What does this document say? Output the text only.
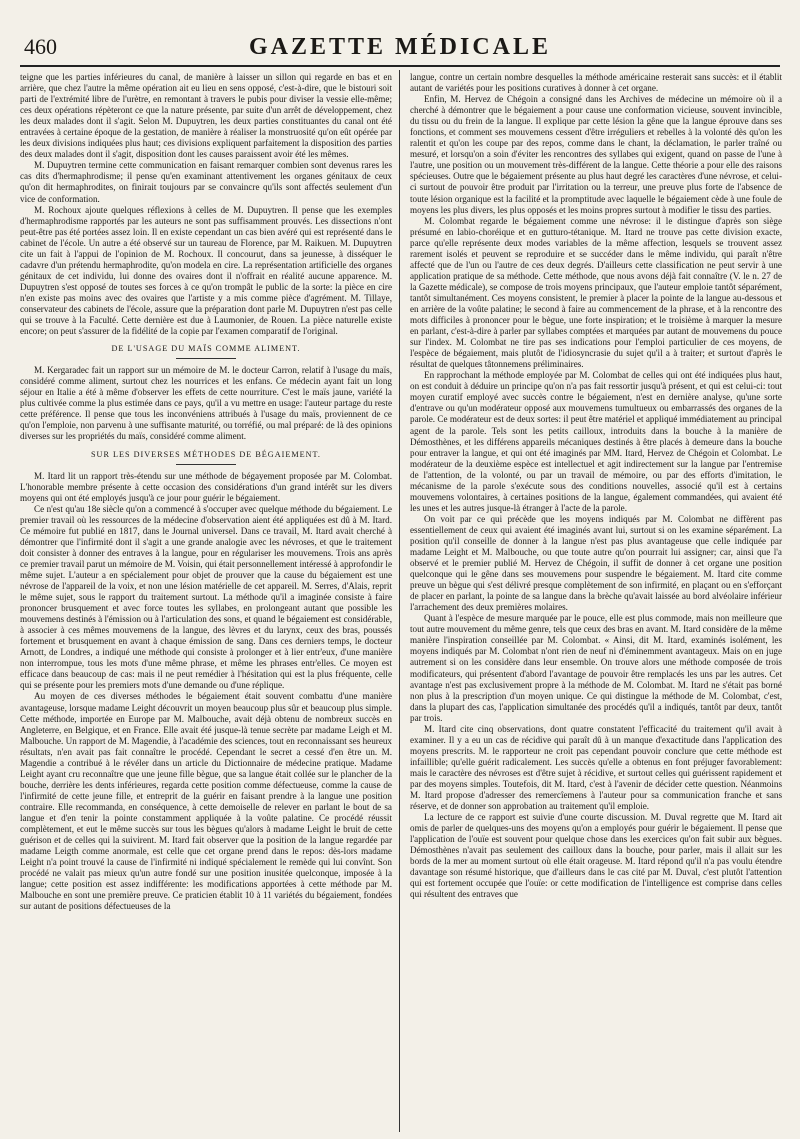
460	GAZETTE MÉDICALE

teigne que les parties inférieures du canal, de manière à laisser un sillon qui regarde en bas et en arrière, que chez l'autre la même opération ait eu lieu en sens opposé, c'est-à-dire, que le bistouri soit parti de l'extrémité libre de l'urètre, en remontant à travers le pubis pour diviser la vessie elle-même; ces deux opérations répèteront ce que la nature présente, par suite d'un arrêt de développement, chez les deux malades dont il s'agit. Selon M. Dupuytren, les deux parties constituantes du canal ont été entravées à certaine époque de la gestation, de manière à réaliser la monstruosité qu'on eût opérée par les deux divisions indiquées plus haut; ces divisions expliquent parfaitement la disposition des parties des deux malades dont il s'agit, disposition dont les causes paraissent avoir été les mêmes.

M. Dupuytren termine cette communication en faisant remarquer combien sont devenus rares les cas dits d'hermaphrodisme; il pense qu'en examinant attentivement les organes génitaux de ceux qu'on dit hermaphrodites, on finirait toujours par se convaincre qu'ils sont affectés seulement d'un vice de conformation.

M. Rochoux ajoute quelques réflexions à celles de M. Dupuytren. Il pense que les exemples d'hermaphrodisme rapportés par les auteurs ne sont pas suffisamment prouvés. Les dissections n'ont peut-être pas été portées assez loin. Il en existe cependant un cas bien avéré qui est représenté dans le cabinet de l'école. Un autre a été observé sur un taureau de Florence, par M. Raikuen. M. Dupuytren cite un fait à l'appui de l'opinion de M. Rochoux. Il concourut, dans sa jeunesse, à disséquer le cadavre d'un prétendu hermaphrodite, qu'on modela en cire. La représentation artificielle des organes génitaux de cet individu, lui donne des ovaires dont il n'offrait en réalité aucune apparence. M. Dupuytren s'est opposé de toutes ses forces à ce qu'on trompât le public de la sorte: la pièce en cire n'en existe pas moins avec des ovaires que l'artiste y a mis comme pièce d'agrément. M. Tillaye, conservateur des cabinets de l'école, assure que la préparation dont parle M. Dupuytren n'est pas celle qui se trouve à la Faculté. Cette dernière est due à Laumonier, de Rouen. La pièce naturelle existe encore; on peut s'assurer de la fidélité de la copie par l'examen comparatif de l'original.

DE L'USAGE DU MAÏS COMME ALIMENT.

M. Kergaradec fait un rapport sur un mémoire de M. le docteur Carron, relatif à l'usage du maïs, considéré comme aliment, surtout chez les nourrices et les enfans. Ce médecin ayant fait un long séjour en Italie a été à même d'observer les effets de cette nourriture. C'est le maïs jaune, variété la plus cultivée comme la plus estimée dans ce pays, qu'il a vu mettre en usage: l'auteur partage du reste cette préférence. Il pense que tous les inconvéniens attribués à l'usage du maïs, proviennent de ce qu'on l'emploie, non parvenu à une suffisante maturité, ou torréfié, ou mal préparé: de là des opinions diverses sur les propriétés du maïs, considéré comme aliment.

SUR LES DIVERSES MÉTHODES DE BÉGAIEMENT.

M. Itard lit un rapport très-étendu sur une méthode de bégayement proposée par M. Colombat. L'honorable membre présente à cette occasion des considérations d'un grand intérêt sur les divers moyens qui ont été employés jusqu'à ce jour pour guérir le bégaiement.

Ce n'est qu'au 18e siècle qu'on a commencé à s'occuper avec quelque méthode du bégaiement. Le premier travail où les ressources de la médecine d'observation aient été appliquées est dû à M. Itard. Ce mémoire fut publié en 1817, dans le Journal universel. Dans ce travail, M. Itard avait cherché à démontrer que l'infirmité dont il s'agit a une grande analogie avec les névroses, et que le traitement doit consister à donner des entraves à la langue, pour en régulariser les mouvemens. Trois ans après ce premier travail parut un mémoire de M. Voisin, qui était personnellement intéressé à approfondir le même sujet. L'auteur a en spécialement pour objet de prouver que la cause du bégaiement est une névrose de l'appareil de la voix, et non une lésion matérielle de cet appareil. M. Serres, d'Alais, reprit le même sujet, sous le rapport du traitement surtout. La méthode qu'il a imaginée consiste à faire prononcer brusquement et avec force toutes les syllabes, en prolongeant autant que possible les mouvemens destinés à l'émission ou à l'articulation des sons, et quand le bégaiement est considérable, à associer à ces mêmes mouvemens de la langue, des lèvres et du larynx, ceux des bras, poussés fortement et brusquement en avant à chaque émission de sang. Dans ces derniers temps, le docteur Arnott, de Londres, a indiqué une méthode qui consiste à prolonger et à lier entr'eux, d'une manière non interrompue, tous les mots d'une même phrase, et même les phrases entr'elles. Ce moyen est efficace dans beaucoup de cas: mais il ne peut remédier à l'hésitation qui est la plus fréquente, celle qui se présente pour les premiers mots d'une demande ou d'une réplique.

Au moyen de ces diverses méthodes le bégaiement était souvent combattu d'une manière avantageuse, lorsque madame Leight découvrit un moyen beaucoup plus sûr et beaucoup plus simple. Cette méthode, importée en Europe par M. Malbouche, avait déjà obtenu de nombreux succès en Angleterre, en Belgique, et en France. Elle avait été jusque-là tenue secrète par madame Leigh et M. Malbouche. Un rapport de M. Magendie, à l'académie des sciences, tout en reconnaissant ses heureux résultats, n'en avait pas fait connaître le procédé. Cependant le secret a cessé d'en être un. M. Magendie a contribué à le révéler dans un article du Dictionnaire de médecine pratique. Madame Leight ayant cru reconnaître que une jeune fille bègue, que sa langue était collée sur le plancher de la bouche, derrière les dents inférieures, regarda cette position comme défectueuse, comme la cause de l'infirmité de cette jeune fille, et entreprit de la guérir en faisant prendre à la langue une position contraire. Elle recommanda, en conséquence, à cette demoiselle de relever en parlant le bout de sa langue et d'en tenir la pointe constamment appliquée à la voûte palatine. Ce procédé réussit complètement, et eut le même succès sur tous les bègues qu'alors à madame Leight le bruit de cette guérison et de celles qui la suivirent. M. Itard fait observer que la position de la langue regardée par madame Leigth comme anormale, est celle que cet organe prend dans le repos: dès-lors madame Leight n'a point trouvé la cause de l'infirmité ni indiqué spécialement le remède qui lui convînt. Son procédé ne valait pas mieux qu'un autre fondé sur une position inusitée quelconque, imposée à la langue; cette position est assez indifférente: les modifications apportées à cette méthode par M. Malbouche en sont une première preuve. Ce praticien établit 10 à 11 variétés du bégaiement, fondées sur autant de positions défectueuses de la

langue, contre un certain nombre desquelles la méthode américaine resterait sans succès: et il établit autant de variétés pour les positions curatives à donner à cet organe.

Enfin, M. Hervez de Chégoin a consigné dans les Archives de médecine un mémoire où il a cherché à démontrer que le bégaiement a pour cause une conformation vicieuse, souvent invincible, du tissu ou du frein de la langue. Il explique par cette lésion la gêne que la langue éprouve dans ses fonctions, et comment ses mouvemens cessent d'être irréguliers et rebelles à la volonté dès qu'on les ralentit et qu'on les coupe par des repos, comme dans le chant, la déclamation, le parler traîné ou mesuré, et lorsqu'on a soin d'éviter les rencontres des syllabes qui exigent, quand on passe de l'une à l'autre, une position ou un mouvement très-différent de la langue. Cette théorie a pour elle des raisons spécieuses. Outre que le bégaiement présente au plus haut degré les caractères d'une névrose, et celui-ci surtout de pouvoir être produit par l'irritation ou la terreur, une preuve plus forte de l'absence de toute lésion organique est la facilité et la promptitude avec laquelle le bégaiement cède à une foule de moyens les plus divers, les plus opposés et les moins propres surtout à modifier le tissu des parties.

M. Colombat regarde le bégaiement comme une névrose: il le distingue d'après son siège présumé en labio-choréique et en gutturo-tétanique. M. Itard ne trouve pas cette division exacte, parce qu'elle représente deux modes variables de la même affection, lesquels se trouvent assez rarement isolés et peuvent se reproduire et se succéder dans le même individu, qui paraît n'être affecté que de l'un ou l'autre de ces deux degrés. D'ailleurs cette classification ne peut servir à une application pratique de sa méthode. Cette méthode, que nous avons déjà fait connaître (V. le n. 27 de la Gazette médicale), se compose de trois moyens principaux, que l'auteur emploie tantôt séparément, tantôt simultanément. Ces moyens consistent, le premier à placer la pointe de la langue au-dessous et en arrière de la voûte palatine; le second à faire au commencement de la phrase, et à la rencontre des mots difficiles à prononcer pour le bègue, une forte inspiration; et le troisième à marquer la mesure en parlant, c'est-à-dire à parler par syllabes comptées et marquées par autant de mouvemens du pouce sur l'index. M. Colombat ne tire pas ses indications pour l'emploi particulier de ces moyens, de l'espèce de bégaiement, mais plutôt de l'idiosyncrasie du sujet qu'il a à traiter; et surtout d'après le résultat de quelques tâtonnemens préliminaires.

En rapprochant la méthode employée par M. Colombat de celles qui ont été indiquées plus haut, on est conduit à déduire un principe qu'on n'a pas fait ressortir jusqu'à présent, et qui est celui-ci: tout moyen curatif employé avec succès contre le bégaiement, n'est en dernière analyse, qu'une sorte d'entrave ou qu'un modérateur opposé aux mouvemens tumultueux ou embarrassés des organes de la parole. Ce modérateur est de deux sortes: il peut être matériel et appliqué immédiatement au principal agent de la parole. Tels sont les petits cailloux, introduits dans la bouche à la manière de Démosthènes, et les différens appareils mécaniques destinés à être placés à demeure dans la bouche pour entraver la langue, et qui ont été imaginés par MM. Itard, Hervez de Chégoin et Colombat. Le modérateur de la deuxième espèce est intellectuel et agit indirectement sur la langue par l'entremise de l'attention, de la volonté, ou par un travail de mémoire, ou par des efforts d'imitation, le mécanisme de la parole s'exécute sous des conditions nouvelles, associé qu'il est à certains mouvemens volontaires, à certaines positions de la langue, également commandées, qui avaient été les unes et les autres jusque-là étranger à l'acte de la parole.

On voit par ce qui précède que les moyens indiqués par M. Colombat ne diffèrent pas essentiellement de ceux qui avaient été imaginés avant lui, surtout si on les examine séparément. La position qu'il conseille de donner à la langue n'est pas plus avantageuse que celle indiquée par madame Leight et M. Malbouche, ou que toute autre qu'on pourrait lui assigner; car, ainsi que l'a observé et le premier publié M. Hervez de Chégoin, il suffit de donner à cet organe une position quelconque qui le gêne dans ses mouvemens pour suspendre le bégaiement. M. Itard cite comme preuve un bègue qui s'est délivré presque complètement de son infirmité, en plaçant ou en s'efforçant de placer en parlant, la pointe de sa langue dans la brèche qu'avait laissée au bord alvéolaire inférieur l'arrachement des deux premières molaires.

Quant à l'espèce de mesure marquée par le pouce, elle est plus commode, mais non meilleure que tout autre mouvement du même genre, tels que ceux des bras en avant. M. Itard considère de la même manière l'inspiration conseillée par M. Colombat. « Ainsi, dit M. Itard, examinés isolément, les moyens indiqués par M. Colombat n'ont rien de neuf ni d'éminemment avantageux. Mais on en juge autrement si on les considère dans leur ensemble. On trouve alors une méthode composée de trois modificateurs, qui présentent d'abord l'avantage de pouvoir être remplacés les uns par les autres. Cet avantage n'est pas exclusivement propre à la méthode de M. Colombat. M. Itard ne s'était pas borné non plus à la prescription d'un moyen unique. Ce qui distingue la méthode de M. Colombat, c'est, dans la plupart des cas, l'application simultanée des procédés qu'il a indiqués, tantôt par deux, tantôt par trois.

M. Itard cite cinq observations, dont quatre constatent l'efficacité du traitement qu'il avait à examiner. Il y a eu un cas de récidive qui paraît dû à un manque d'exactitude dans l'application des moyens prescrits. M. le rapporteur ne croit pas cependant pouvoir conclure que cette méthode est infaillible; qu'elle guérit radicalement. Les succès qu'elle a obtenus en font préjuger favorablement: mais le caractère des névroses est d'être sujet à récidive, et surtout celles qui guérissent rapidement et par des moyens simples. Toutefois, dit M. Itard, c'est à l'avenir de décider cette question. Néanmoins M. Itard propose d'adresser des remercîemens à l'auteur pour sa communication franche et sans réserve, et de donner son approbation au traitement qu'il emploie.

La lecture de ce rapport est suivie d'une courte discussion. M. Duval regrette que M. Itard ait omis de parler de quelques-uns des moyens qu'on a employés pour guérir le bégaiement. Il pense que l'application de l'ouïe est souvent pour quelque chose dans les exercices qu'on fait subir aux bègues. Démosthènes n'avait pas seulement des cailloux dans la bouche, pour parler, mais il allait sur les bords de la mer au moment surtout où elle était orageuse. M. Itard répond qu'il n'a pas voulu étendre davantage son résumé historique, que d'ailleurs dans le cas cité par M. Duval, c'est plutôt l'attention qui est fortement occupée que l'ouïe: or cette modification de l'intelligence est comprise dans celles qui résultent des entraves que
